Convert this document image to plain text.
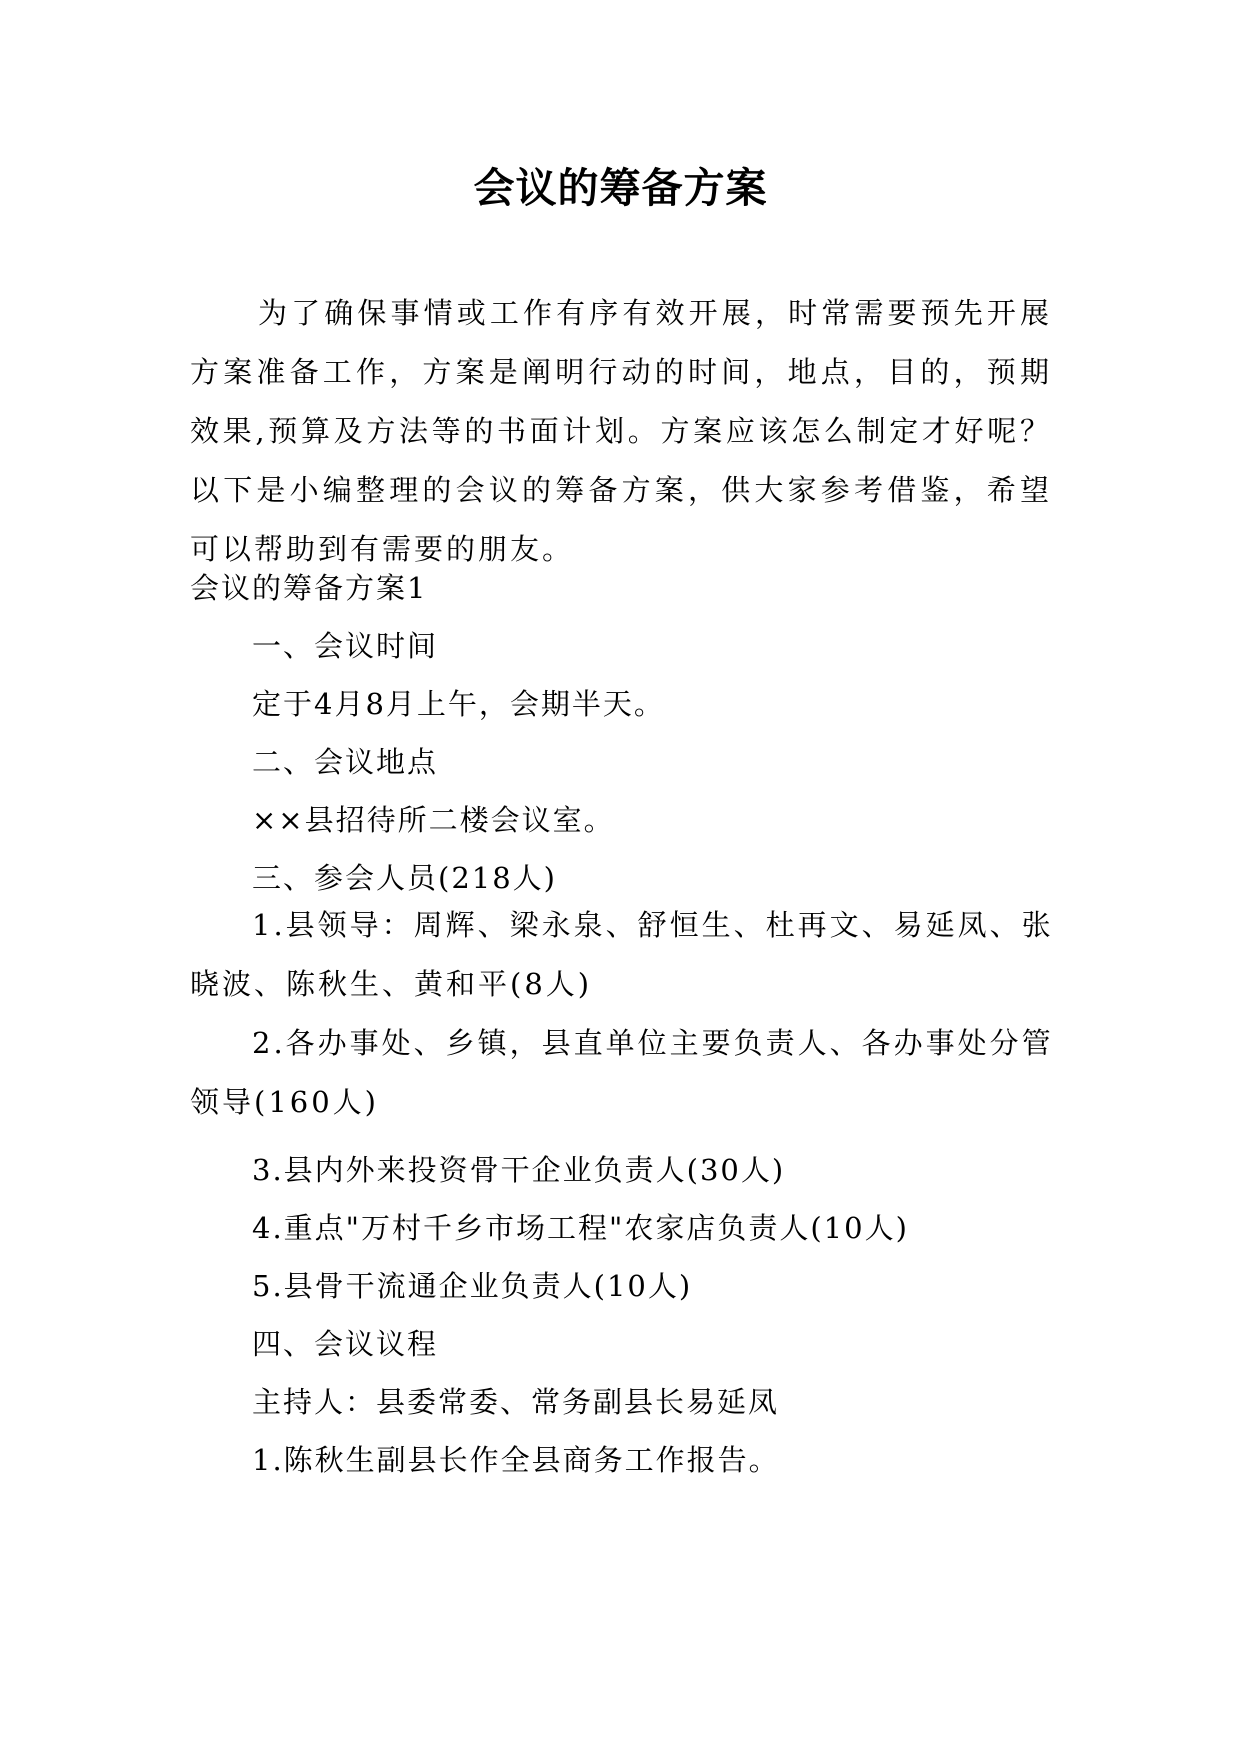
会议的筹备方案

为了确保事情或工作有序有效开展，时常需要预先开展方案准备工作，方案是阐明行动的时间，地点，目的，预期效果,预算及方法等的书面计划。方案应该怎么制定才好呢？以下是小编整理的会议的筹备方案，供大家参考借鉴，希望可以帮助到有需要的朋友。

会议的筹备方案1
一、会议时间
定于4月8月上午，会期半天。
二、会议地点
××县招待所二楼会议室。
三、参会人员(218人)

1.县领导：周辉、梁永泉、舒恒生、杜再文、易延凤、张晓波、陈秋生、黄和平(8人)

2.各办事处、乡镇，县直单位主要负责人、各办事处分管领导(160人)

3.县内外来投资骨干企业负责人(30人)
4.重点"万村千乡市场工程"农家店负责人(10人)
5.县骨干流通企业负责人(10人)
四、会议议程
主持人：县委常委、常务副县长易延凤
1.陈秋生副县长作全县商务工作报告。
